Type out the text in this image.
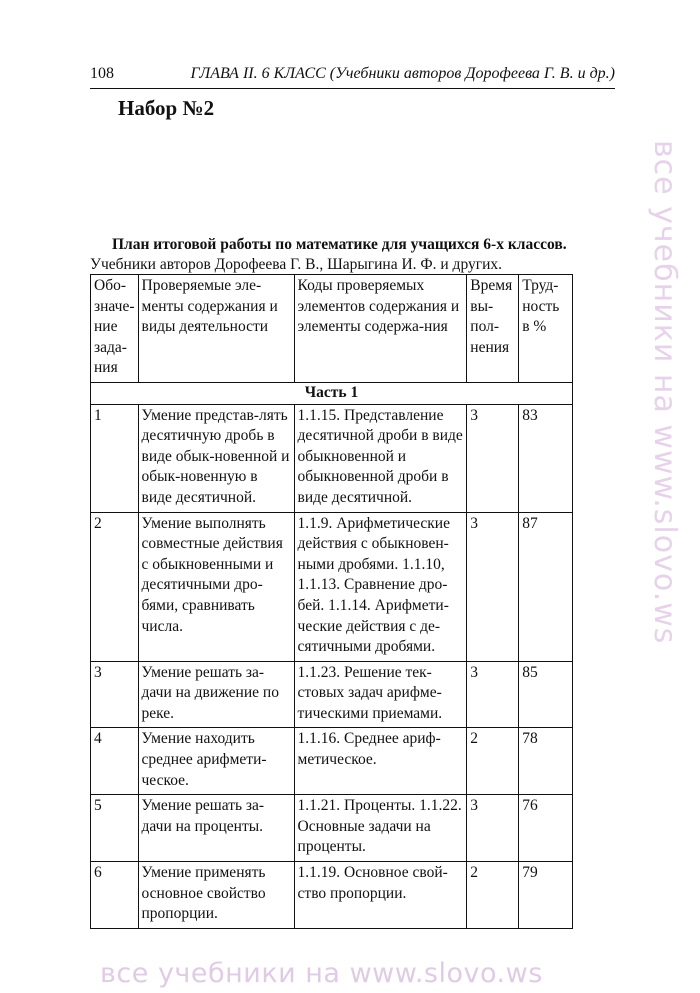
108	ГЛАВА II. 6 КЛАСС (Учебники авторов Дорофеева Г. В. и др.)
Набор №2
План итоговой работы по математике для учащихся 6-х классов.
Учебники авторов Дорофеева Г. В., Шарыгина И. Ф. и других.
Обо-значе-ние зада-ния	Проверяемые эле-менты содержания и виды деятельности	Коды проверяемых элементов содержания и элементы содержа-ния	Время вы-пол-нения	Труд-ность в %
Часть 1				
1	Умение представ-лять десятичную дробь в виде обык-новенной и обык-новенную в виде десятичной.	1.1.15. Представление десятичной дроби в виде обыкновенной и обыкновенной дроби в виде десятичной.	3	83
2	Умение выполнять совместные действия с обыкновенными и десятичными дро-бями, сравнивать числа.	1.1.9. Арифметические действия с обыкновен-ными дробями. 1.1.10, 1.1.13. Сравнение дро-бей. 1.1.14. Арифмети-ческие действия с де-сятичными дробями.	3	87
3	Умение решать за-дачи на движение по реке.	1.1.23. Решение тек-стовых задач арифме-тическими приемами.	3	85
4	Умение находить среднее арифмети-ческое.	1.1.16. Среднее ариф-метическое.	2	78
5	Умение решать за-дачи на проценты.	1.1.21. Проценты. 1.1.22. Основные задачи на проценты.	3	76
6	Умение применять основное свойство пропорции.	1.1.19. Основное свой-ство пропорции.	2	79
все учебники на www.slovo.ws
все учебники на www.slovo.ws
